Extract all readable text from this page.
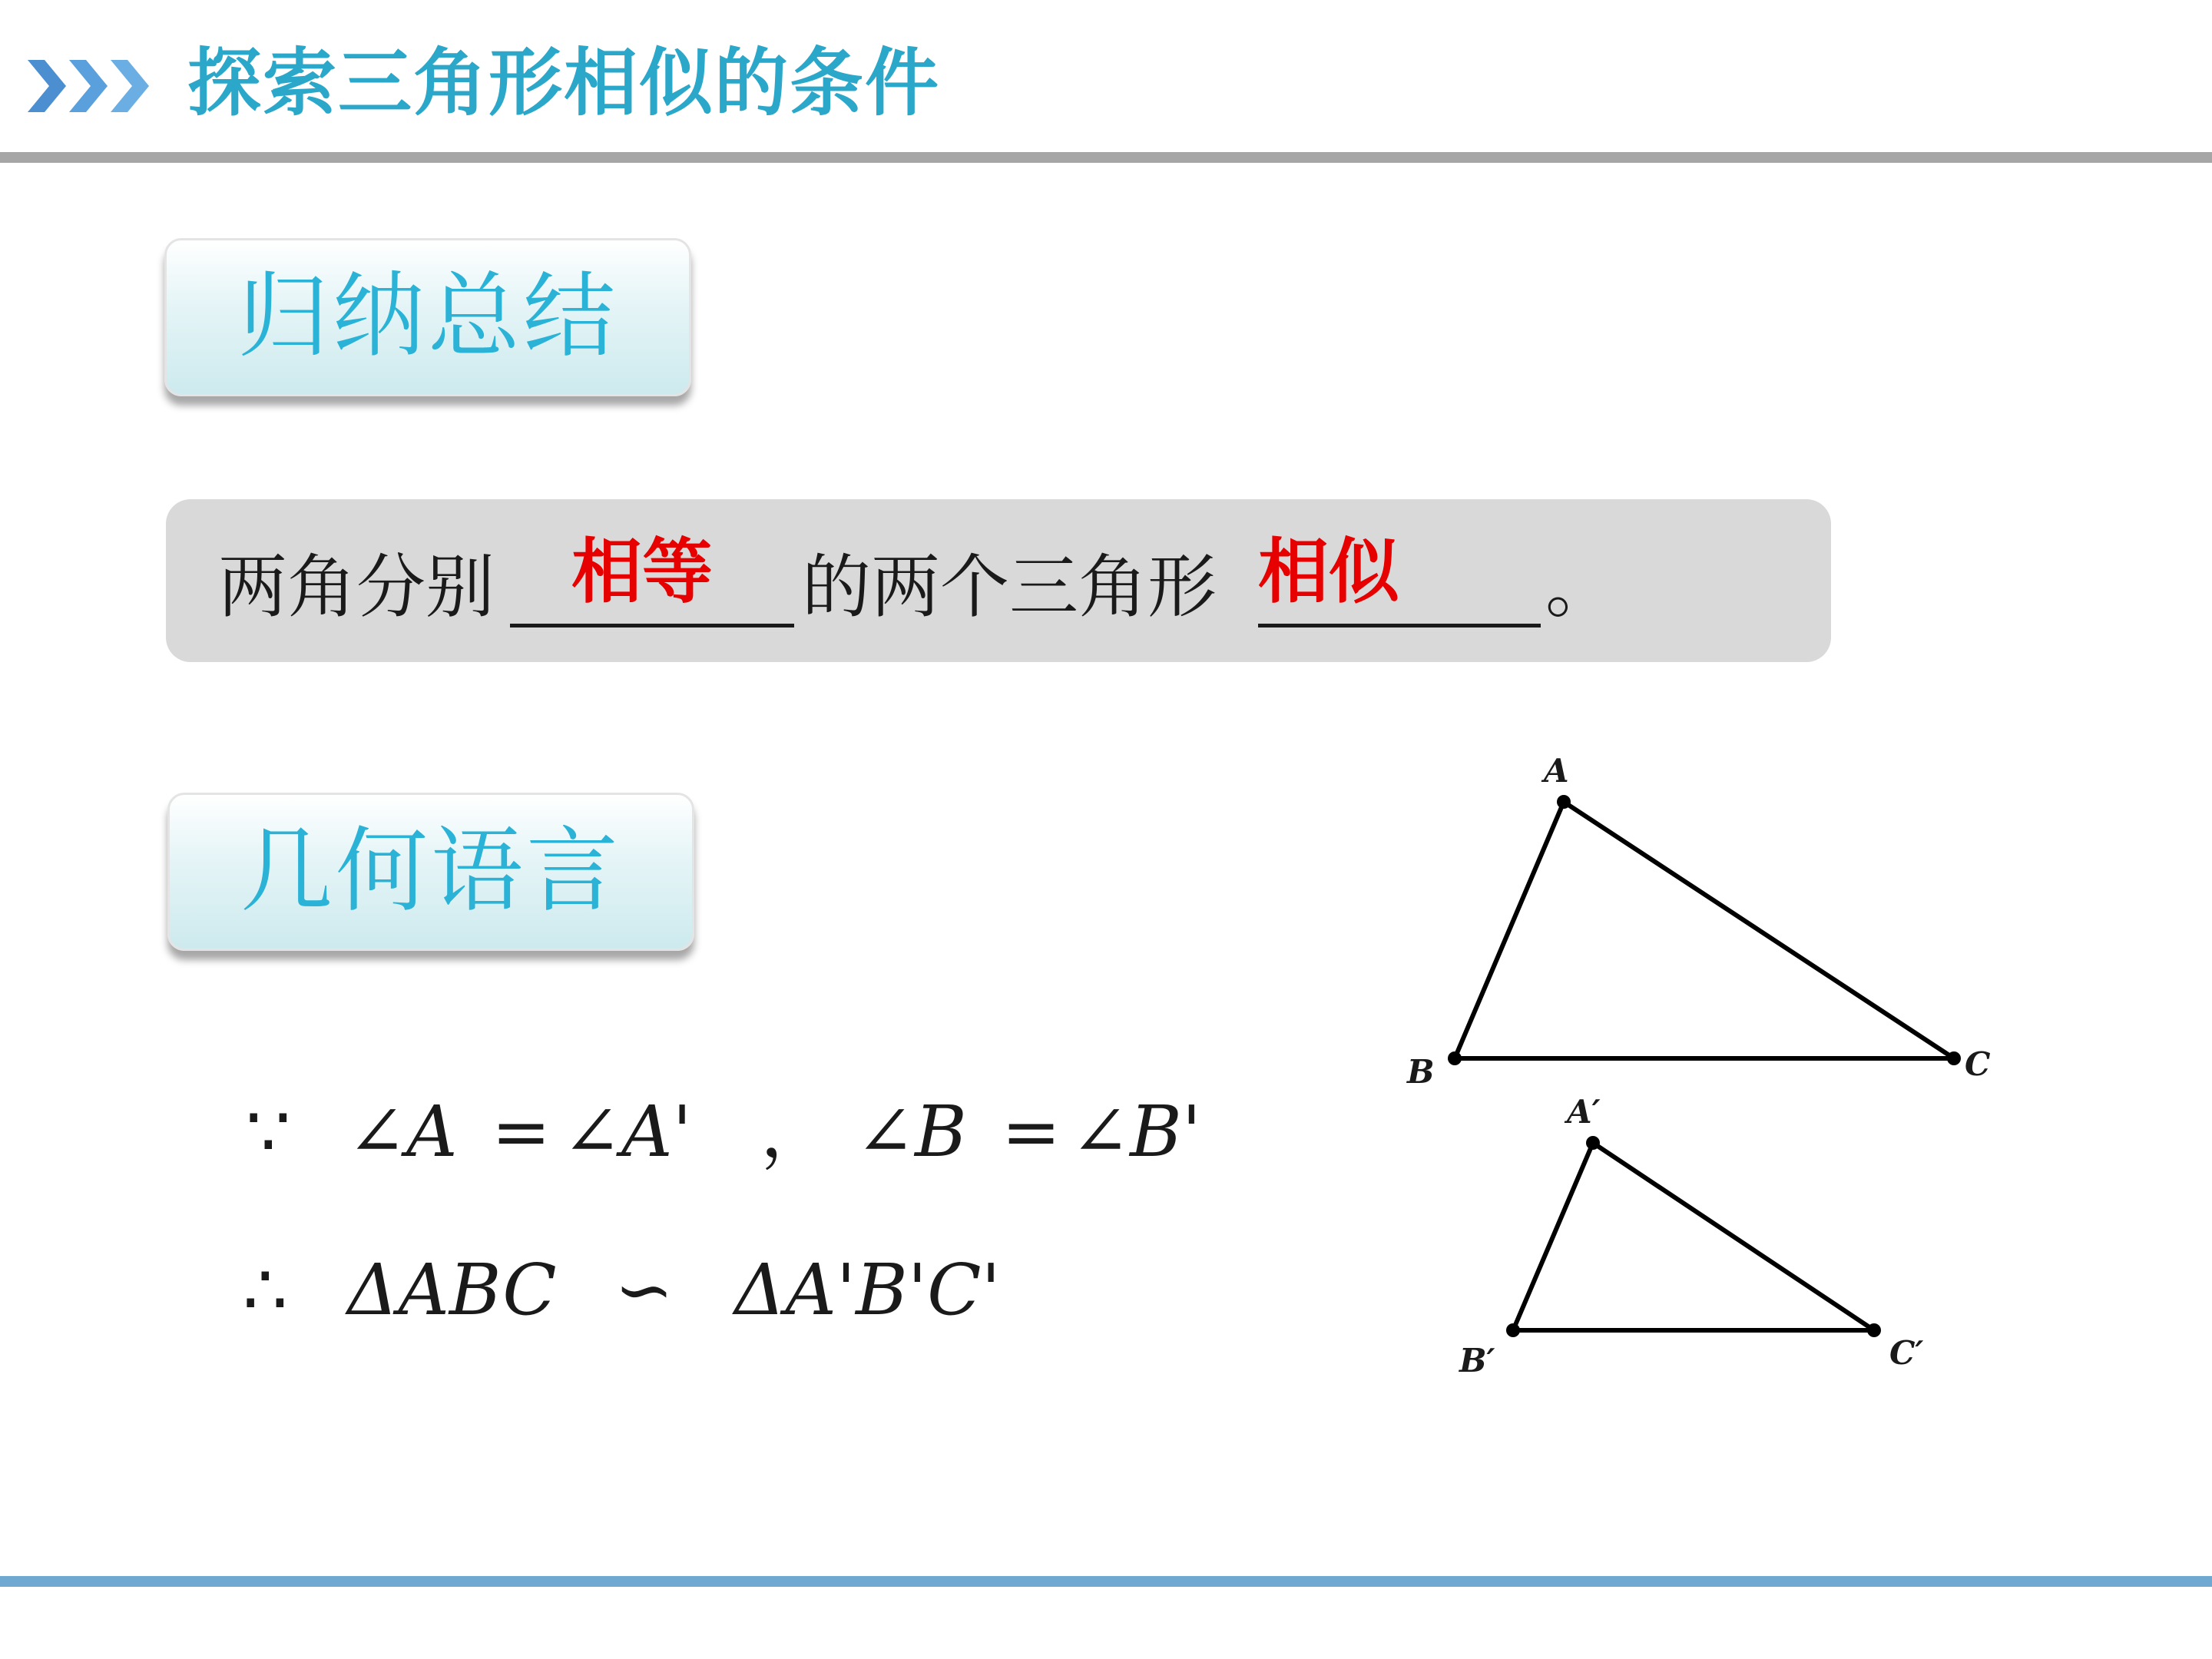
探索三角形相似的条件
归纳总结
两角分别 相等 的两个三角形 相似 。
几何语言
∵ ∠A = ∠A' ， ∠B = ∠B'
∴ ΔABC ∽ ΔA'B'C'
A
B	C
A′
B′	C′
